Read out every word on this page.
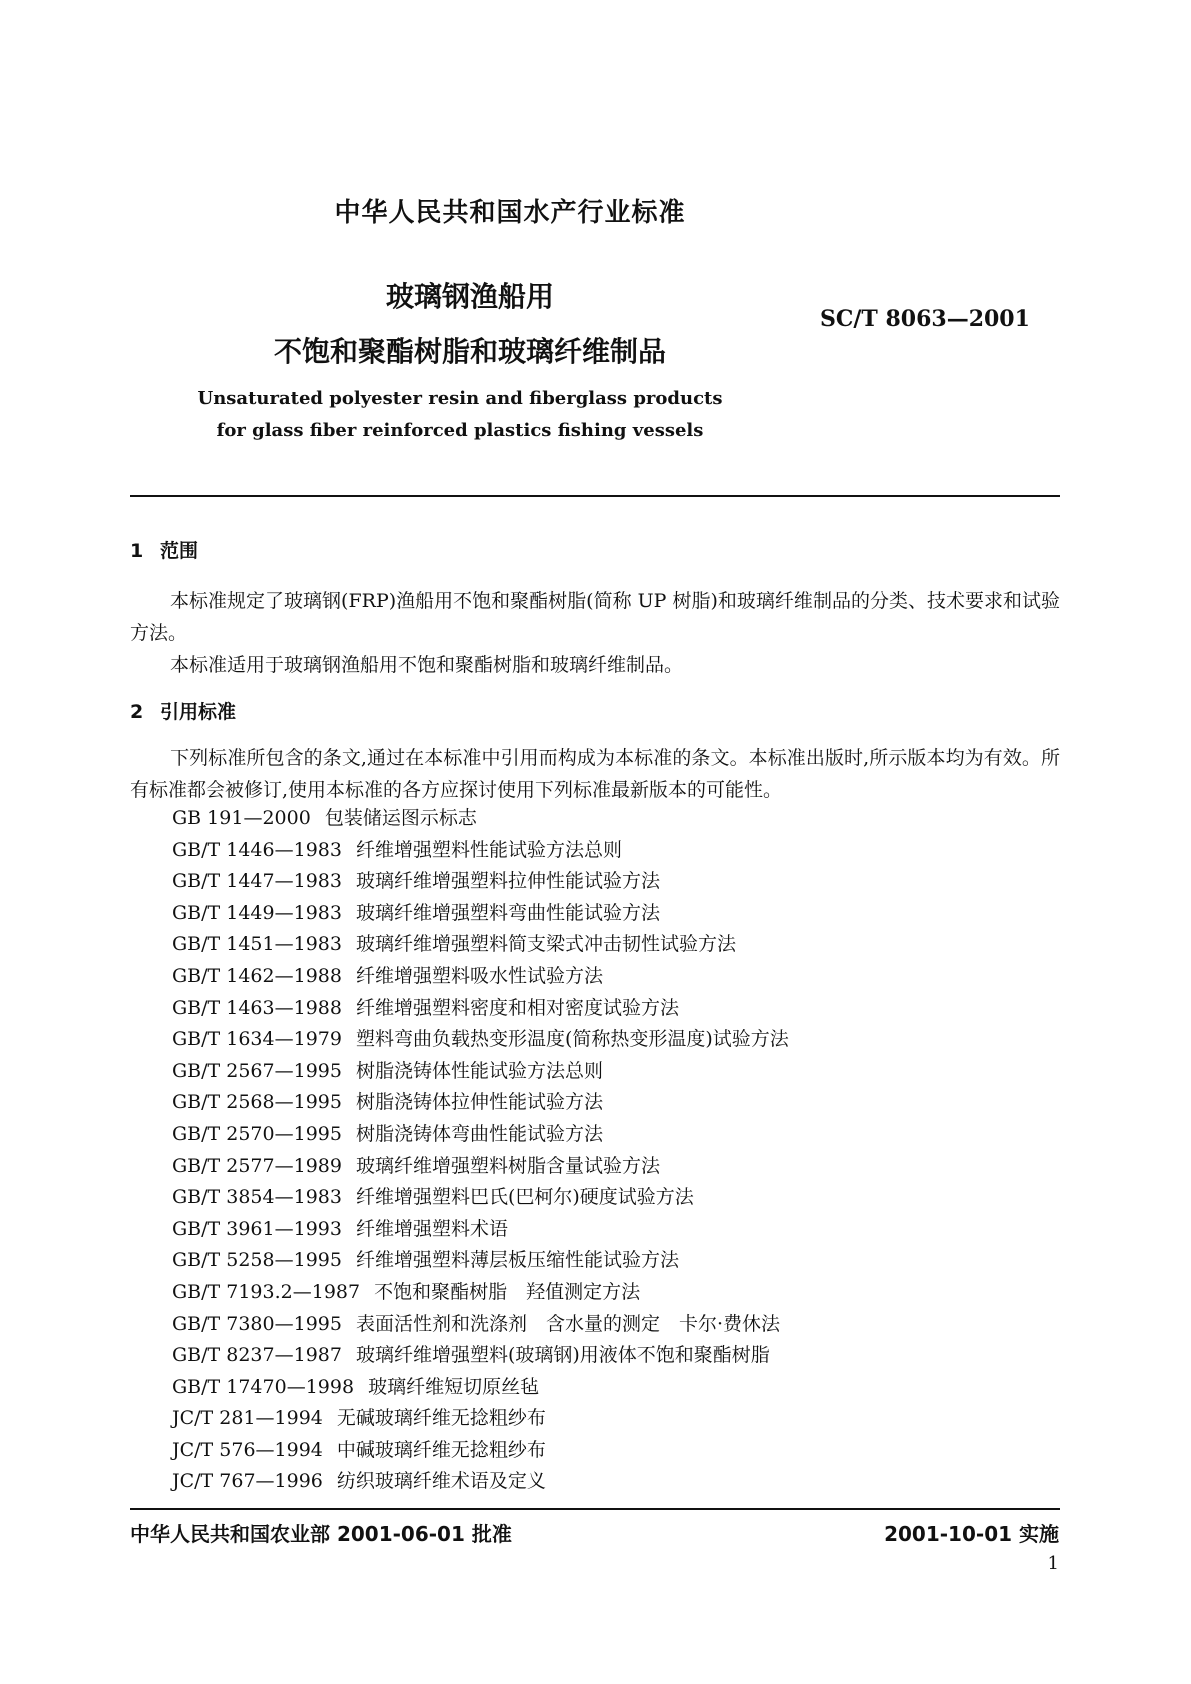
中华人民共和国水产行业标准
玻璃钢渔船用
不饱和聚酯树脂和玻璃纤维制品
SC/T 8063—2001
Unsaturated polyester resin and fiberglass products
for glass fiber reinforced plastics fishing vessels
1 范围
本标准规定了玻璃钢(FRP)渔船用不饱和聚酯树脂(简称 UP 树脂)和玻璃纤维制品的分类、技术要求和试验方法。
本标准适用于玻璃钢渔船用不饱和聚酯树脂和玻璃纤维制品。
2 引用标准
下列标准所包含的条文,通过在本标准中引用而构成为本标准的条文。本标准出版时,所示版本均为有效。所有标准都会被修订,使用本标准的各方应探讨使用下列标准最新版本的可能性。
GB 191—2000 包装储运图示标志
GB/T 1446—1983 纤维增强塑料性能试验方法总则
GB/T 1447—1983 玻璃纤维增强塑料拉伸性能试验方法
GB/T 1449—1983 玻璃纤维增强塑料弯曲性能试验方法
GB/T 1451—1983 玻璃纤维增强塑料简支梁式冲击韧性试验方法
GB/T 1462—1988 纤维增强塑料吸水性试验方法
GB/T 1463—1988 纤维增强塑料密度和相对密度试验方法
GB/T 1634—1979 塑料弯曲负载热变形温度(简称热变形温度)试验方法
GB/T 2567—1995 树脂浇铸体性能试验方法总则
GB/T 2568—1995 树脂浇铸体拉伸性能试验方法
GB/T 2570—1995 树脂浇铸体弯曲性能试验方法
GB/T 2577—1989 玻璃纤维增强塑料树脂含量试验方法
GB/T 3854—1983 纤维增强塑料巴氏(巴柯尔)硬度试验方法
GB/T 3961—1993 纤维增强塑料术语
GB/T 5258—1995 纤维增强塑料薄层板压缩性能试验方法
GB/T 7193.2—1987 不饱和聚酯树脂　羟值测定方法
GB/T 7380—1995 表面活性剂和洗涤剂　含水量的测定　卡尔·费休法
GB/T 8237—1987 玻璃纤维增强塑料(玻璃钢)用液体不饱和聚酯树脂
GB/T 17470—1998 玻璃纤维短切原丝毡
JC/T 281—1994 无碱玻璃纤维无捻粗纱布
JC/T 576—1994 中碱玻璃纤维无捻粗纱布
JC/T 767—1996 纺织玻璃纤维术语及定义
中华人民共和国农业部 2001-06-01 批准	2001-10-01 实施
1
